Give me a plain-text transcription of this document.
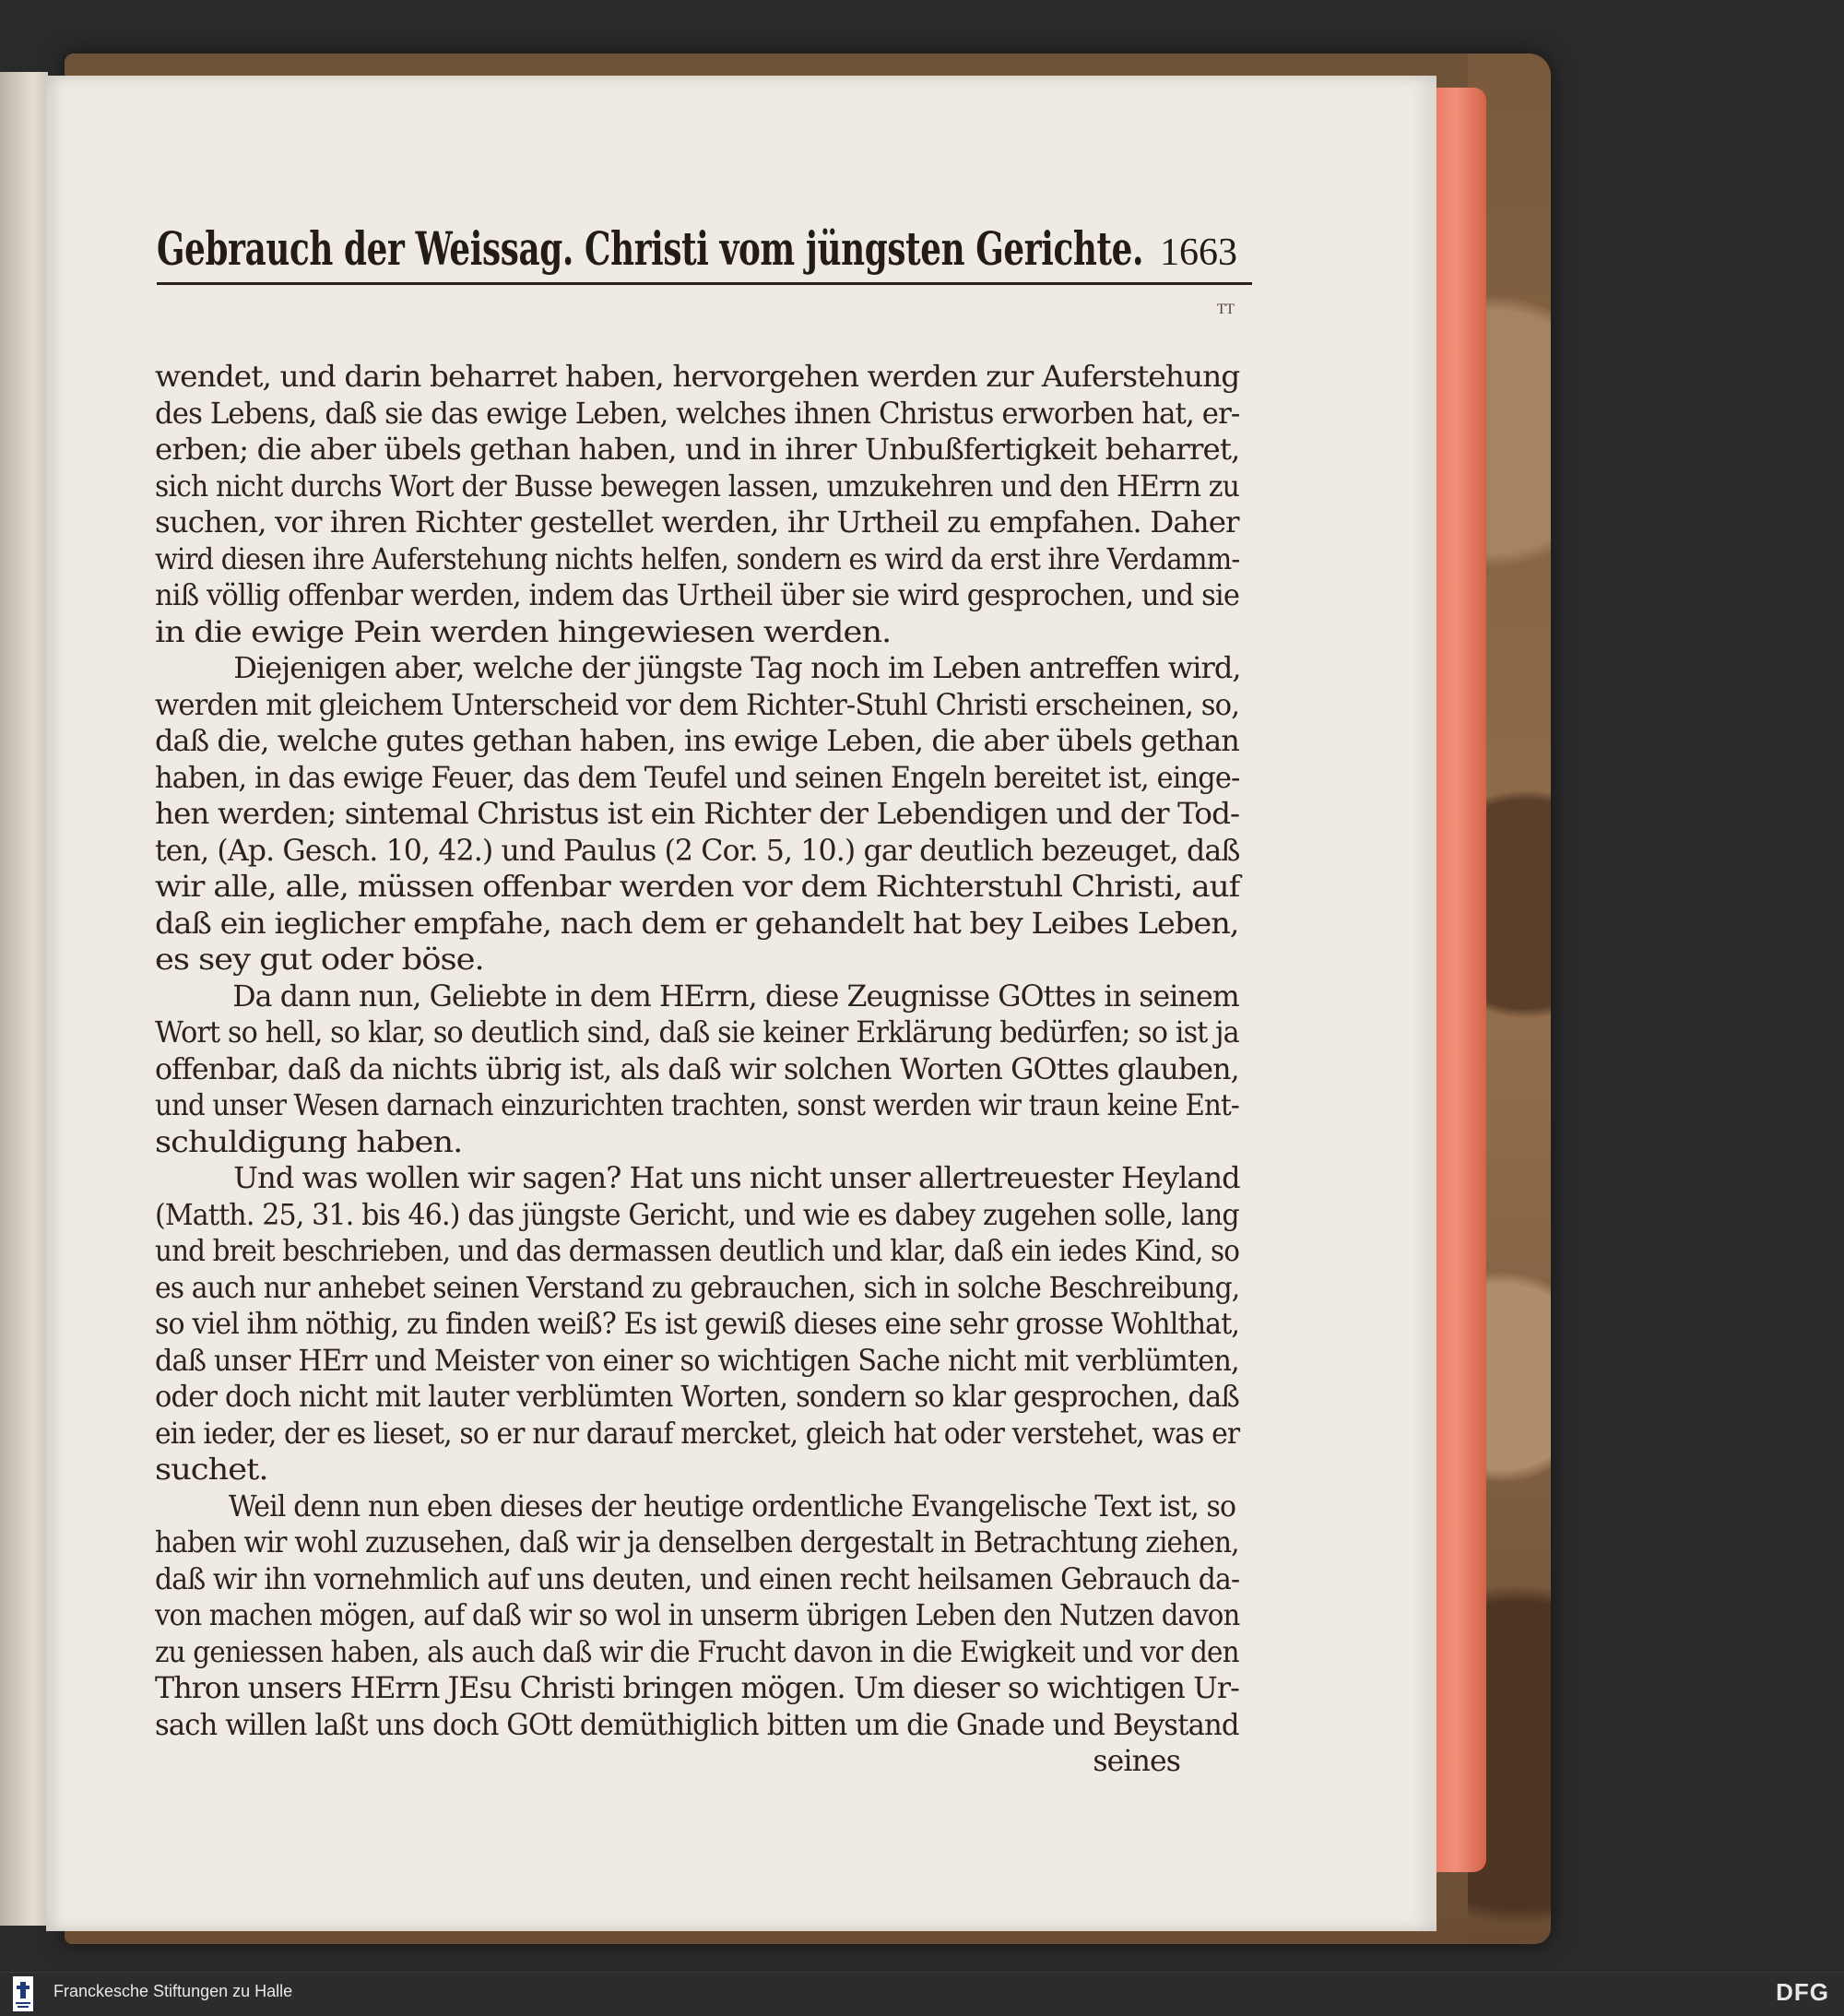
Gebrauch der Weissag. Christi vom jüngsten Gerichte. 1663
ᵀᵀ
wendet, und darin beharret haben, hervorgehen werden zur Auferstehung
des Lebens, daß sie das ewige Leben, welches ihnen Christus erworben hat, er-
erben; die aber übels gethan haben, und in ihrer Unbußfertigkeit beharret,
sich nicht durchs Wort der Busse bewegen lassen, umzukehren und den HErrn zu
suchen, vor ihren Richter gestellet werden, ihr Urtheil zu empfahen. Daher
wird diesen ihre Auferstehung nichts helfen, sondern es wird da erst ihre Verdamm-
niß völlig offenbar werden, indem das Urtheil über sie wird gesprochen, und sie
in die ewige Pein werden hingewiesen werden.
Diejenigen aber, welche der jüngste Tag noch im Leben antreffen wird,
werden mit gleichem Unterscheid vor dem Richter-Stuhl Christi erscheinen, so,
daß die, welche gutes gethan haben, ins ewige Leben, die aber übels gethan
haben, in das ewige Feuer, das dem Teufel und seinen Engeln bereitet ist, einge-
hen werden; sintemal Christus ist ein Richter der Lebendigen und der Tod-
ten, (Ap. Gesch. 10, 42.) und Paulus (2 Cor. 5, 10.) gar deutlich bezeuget, daß
wir alle, alle, müssen offenbar werden vor dem Richterstuhl Christi, auf
daß ein ieglicher empfahe, nach dem er gehandelt hat bey Leibes Leben,
es sey gut oder böse.
Da dann nun, Geliebte in dem HErrn, diese Zeugnisse GOttes in seinem
Wort so hell, so klar, so deutlich sind, daß sie keiner Erklärung bedürfen; so ist ja
offenbar, daß da nichts übrig ist, als daß wir solchen Worten GOttes glauben,
und unser Wesen darnach einzurichten trachten, sonst werden wir traun keine Ent-
schuldigung haben.
Und was wollen wir sagen? Hat uns nicht unser allertreuester Heyland
(Matth. 25, 31. bis 46.) das jüngste Gericht, und wie es dabey zugehen solle, lang
und breit beschrieben, und das dermassen deutlich und klar, daß ein iedes Kind, so
es auch nur anhebet seinen Verstand zu gebrauchen, sich in solche Beschreibung,
so viel ihm nöthig, zu finden weiß? Es ist gewiß dieses eine sehr grosse Wohlthat,
daß unser HErr und Meister von einer so wichtigen Sache nicht mit verblümten,
oder doch nicht mit lauter verblümten Worten, sondern so klar gesprochen, daß
ein ieder, der es lieset, so er nur darauf mercket, gleich hat oder verstehet, was er
suchet.
Weil denn nun eben dieses der heutige ordentliche Evangelische Text ist, so
haben wir wohl zuzusehen, daß wir ja denselben dergestalt in Betrachtung ziehen,
daß wir ihn vornehmlich auf uns deuten, und einen recht heilsamen Gebrauch da-
von machen mögen, auf daß wir so wol in unserm übrigen Leben den Nutzen davon
zu geniessen haben, als auch daß wir die Frucht davon in die Ewigkeit und vor den
Thron unsers HErrn JEsu Christi bringen mögen. Um dieser so wichtigen Ur-
sach willen laßt uns doch GOtt demüthiglich bitten um die Gnade und Beystand
seines
Franckesche Stiftungen zu Halle	DFG
